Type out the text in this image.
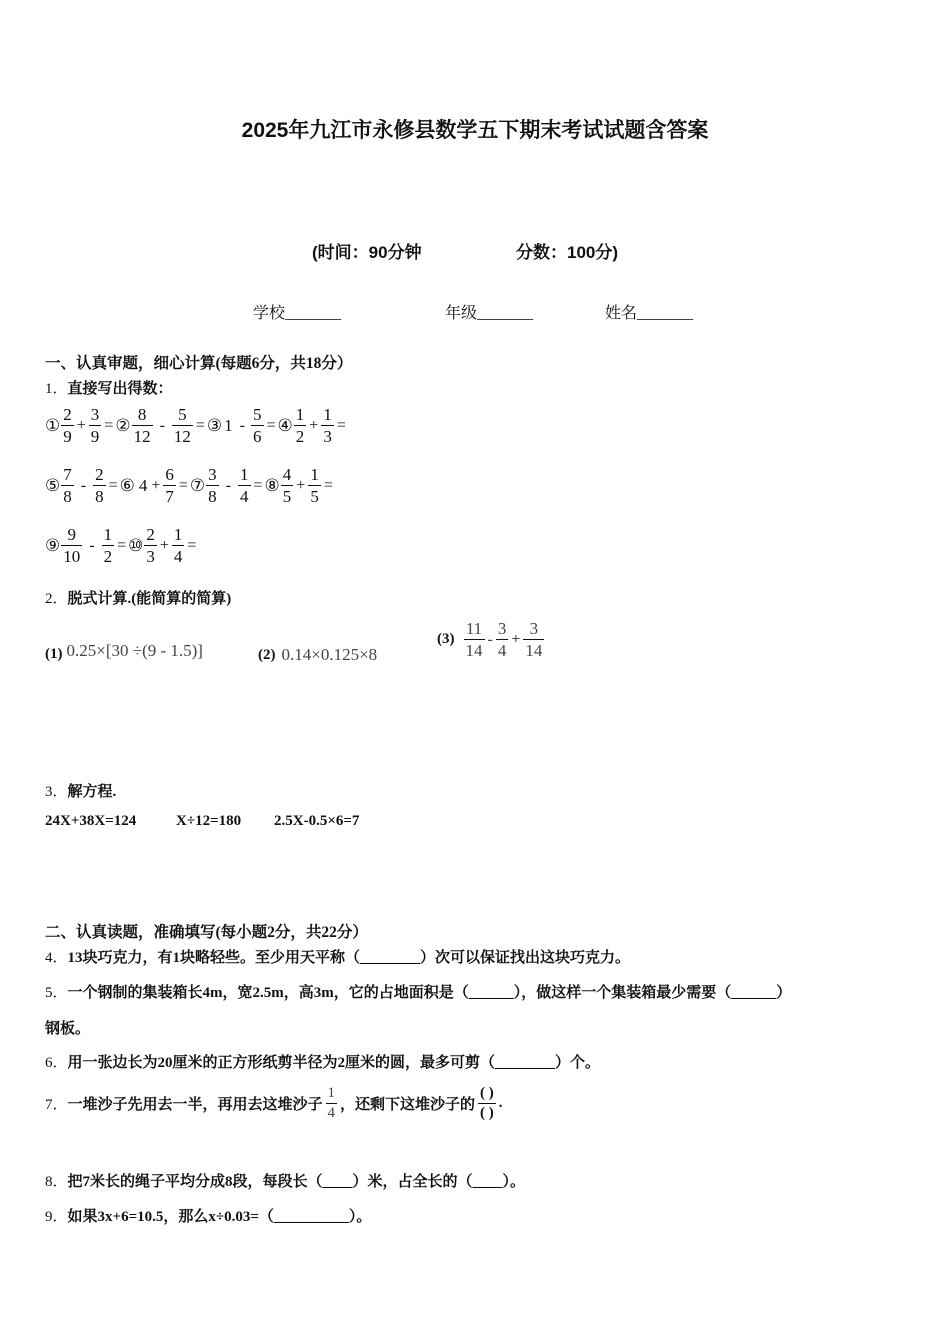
2025年九江市永修县数学五下期末考试试题含答案
(时间：90分钟	分数：100分)
学校_______	年级_______	姓名_______
一、认真审题，细心计算(每题6分，共18分）
1．直接写出得数：
① $\frac{2}{9} + \frac{3}{9}$ = ② $\frac{8}{12} - \frac{5}{12}$ = ③ $1 - \frac{5}{6}$ = ④ $\frac{1}{2} + \frac{1}{3}$ =
⑤ $\frac{7}{8} - \frac{2}{8}$ = ⑥ $4 + \frac{6}{7}$ = ⑦ $\frac{3}{8} - \frac{1}{4}$ = ⑧ $\frac{4}{5} + \frac{1}{5}$ =
⑨ $\frac{9}{10} - \frac{1}{2}$ = ⑩ $\frac{2}{3} + \frac{1}{4}$ =
2．脱式计算.(能简算的简算)
(1) 0.25×[30 ÷(9 - 1.5)]	(2) 0.14×0.125×8
$(3) \frac{11}{14} - \frac{3}{4} + \frac{3}{14}$
3．解方程.
24X+38X=124	X÷12=180 2.5X-0.5×6=7
二、认真读题，准确填写(每小题2分，共22分）
4．13块巧克力，有1块略轻些。至少用天平称（________）次可以保证找出这块巧克力。
5．一个钢制的集装箱长4m，宽2.5m，高3m，它的占地面积是（______），做这样一个集装箱最少需要（______）
钢板。
6．用一张边长为20厘米的正方形纸剪半径为2厘米的圆，最多可剪（________）个。
7． 一堆沙子先用去一半，再用去这堆沙子 $\frac{1}{4}$ ，还剩下这堆沙子的 $\frac{( )}{( )}$ .
8．把7米长的绳子平均分成8段，每段长（____）米，占全长的（____）。
9．如果3x+6=10.5，那么x÷0.03=（__________）。
